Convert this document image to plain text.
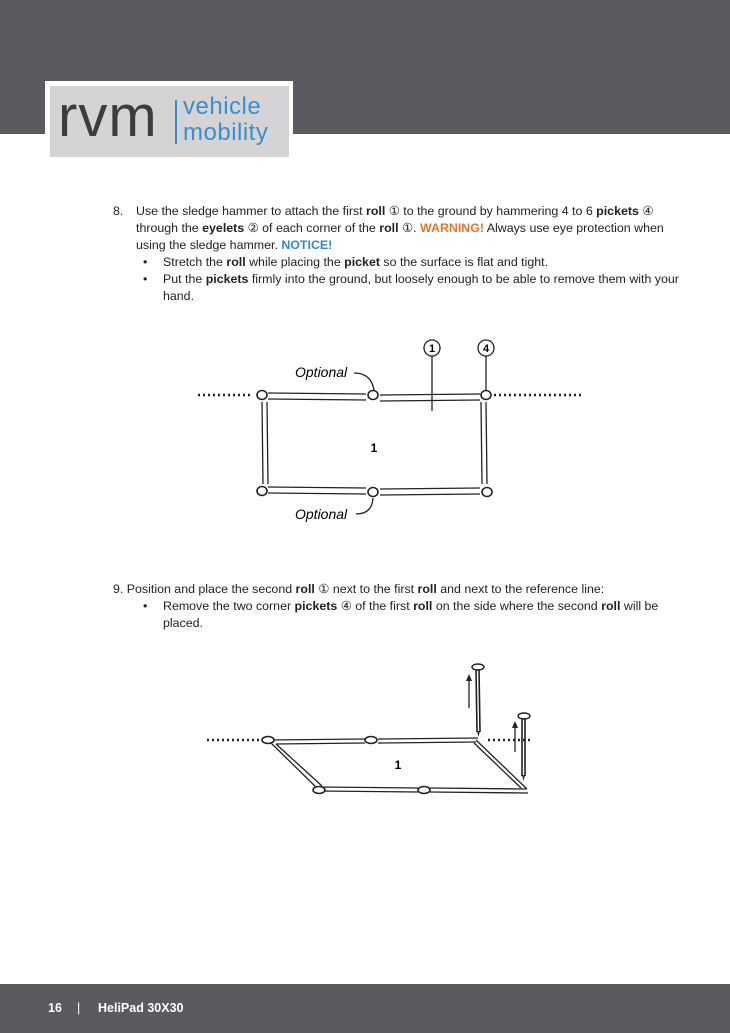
rvm vehicle
mobility
8. Use the sledge hammer to attach the first roll ① to the ground by hammering 4 to 6 pickets ④
through the eyelets ② of each corner of the roll ①. WARNING! Always use eye protection when
using the sledge hammer. NOTICE!
• Stretch the roll while placing the picket so the surface is flat and tight.
• Put the pickets firmly into the ground, but loosely enough to be able to remove them with your
hand.
1	4
Optional
Optional
1
9. Position and place the second roll ① next to the first roll and next to the reference line:
• Remove the two corner pickets ④ of the first roll on the side where the second roll will be
placed.
1
16 | HeliPad 30X30
